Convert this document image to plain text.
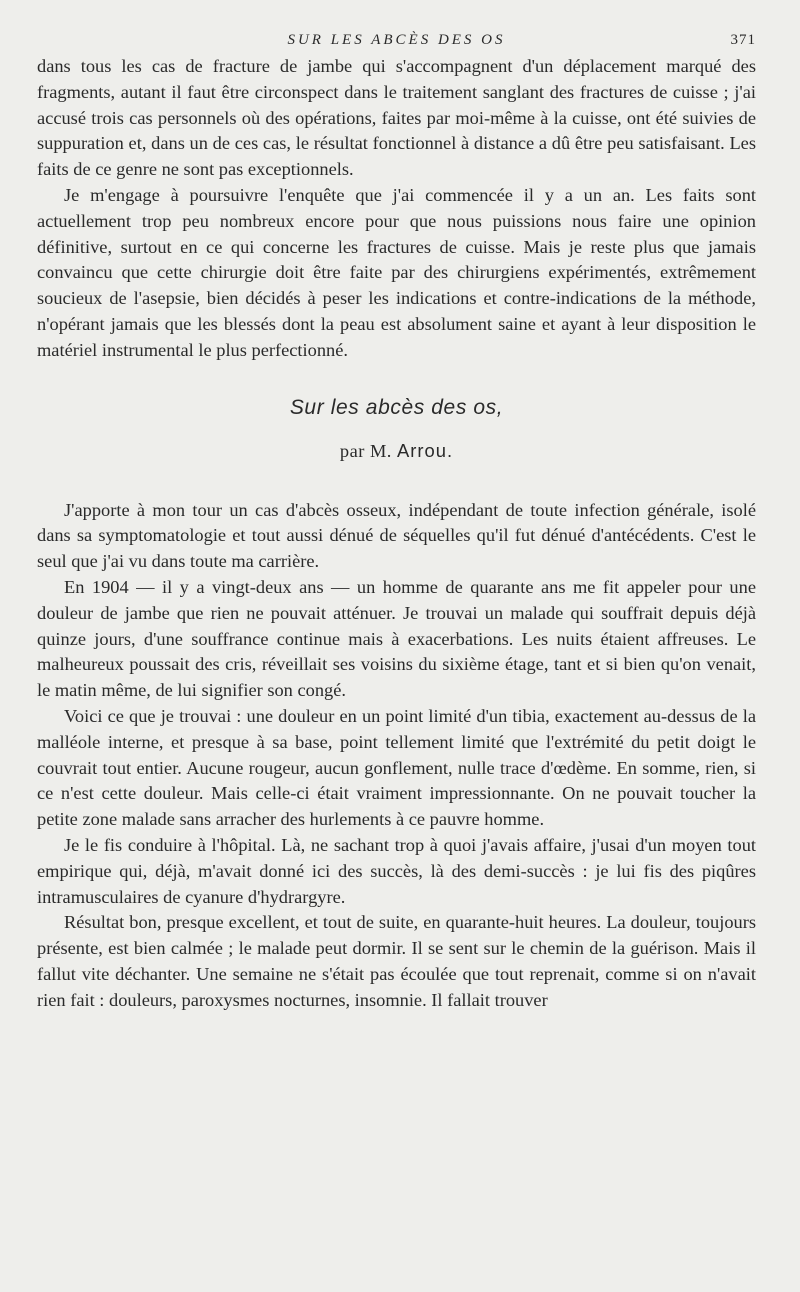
SUR LES ABCÈS DES OS	371

dans tous les cas de fracture de jambe qui s'accompagnent d'un déplacement marqué des fragments, autant il faut être circonspect dans le traitement sanglant des fractures de cuisse ; j'ai accusé trois cas personnels où des opérations, faites par moi-même à la cuisse, ont été suivies de suppuration et, dans un de ces cas, le résultat fonctionnel à distance a dû être peu satisfaisant. Les faits de ce genre ne sont pas exceptionnels.

Je m'engage à poursuivre l'enquête que j'ai commencée il y a un an. Les faits sont actuellement trop peu nombreux encore pour que nous puissions nous faire une opinion définitive, surtout en ce qui concerne les fractures de cuisse. Mais je reste plus que jamais convaincu que cette chirurgie doit être faite par des chirurgiens expérimentés, extrêmement soucieux de l'asepsie, bien décidés à peser les indications et contre-indications de la méthode, n'opérant jamais que les blessés dont la peau est absolument saine et ayant à leur disposition le matériel instrumental le plus perfectionné.

Sur les abcès des os,
par M. Arrou.

J'apporte à mon tour un cas d'abcès osseux, indépendant de toute infection générale, isolé dans sa symptomatologie et tout aussi dénué de séquelles qu'il fut dénué d'antécédents. C'est le seul que j'ai vu dans toute ma carrière.

En 1904 — il y a vingt-deux ans — un homme de quarante ans me fit appeler pour une douleur de jambe que rien ne pouvait atténuer. Je trouvai un malade qui souffrait depuis déjà quinze jours, d'une souffrance continue mais à exacerbations. Les nuits étaient affreuses. Le malheureux poussait des cris, réveillait ses voisins du sixième étage, tant et si bien qu'on venait, le matin même, de lui signifier son congé.

Voici ce que je trouvai : une douleur en un point limité d'un tibia, exactement au-dessus de la malléole interne, et presque à sa base, point tellement limité que l'extrémité du petit doigt le couvrait tout entier. Aucune rougeur, aucun gonflement, nulle trace d'œdème. En somme, rien, si ce n'est cette douleur. Mais celle-ci était vraiment impressionnante. On ne pouvait toucher la petite zone malade sans arracher des hurlements à ce pauvre homme.

Je le fis conduire à l'hôpital. Là, ne sachant trop à quoi j'avais affaire, j'usai d'un moyen tout empirique qui, déjà, m'avait donné ici des succès, là des demi-succès : je lui fis des piqûres intramusculaires de cyanure d'hydrargyre.

Résultat bon, presque excellent, et tout de suite, en quarante-huit heures. La douleur, toujours présente, est bien calmée ; le malade peut dormir. Il se sent sur le chemin de la guérison. Mais il fallut vite déchanter. Une semaine ne s'était pas écoulée que tout reprenait, comme si on n'avait rien fait : douleurs, paroxysmes nocturnes, insomnie. Il fallait trouver
